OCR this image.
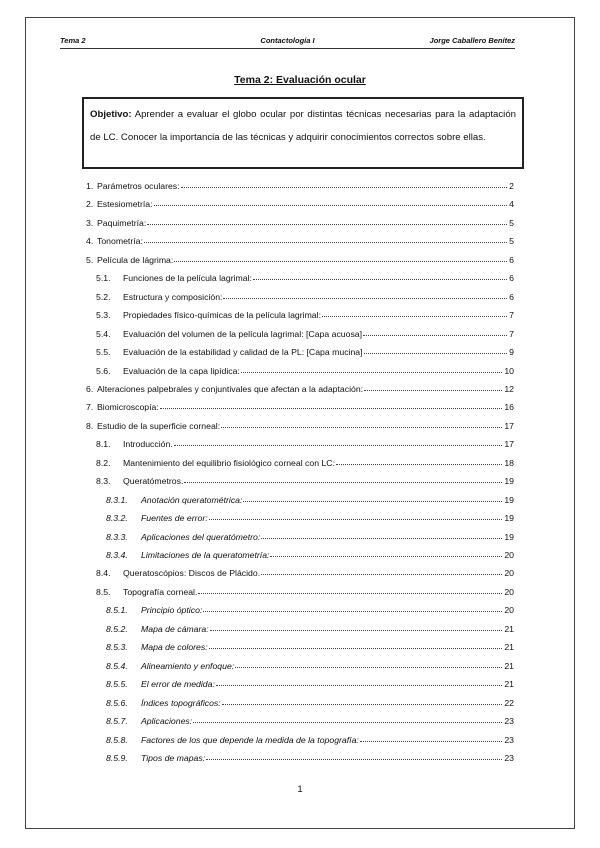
Tema 2	Contactología I	Jorge Caballero Benítez
Tema 2: Evaluación ocular
Objetivo: Aprender a evaluar el globo ocular por distintas técnicas necesarias para la adaptación de LC. Conocer la importancia de las técnicas y adquirir conocimientos correctos sobre ellas.
1. Parámetros oculares:	2
2. Estesiometría:	4
3. Paquimetría:	5
4. Tonometría:	5
5. Película de lágrima:	6
5.1.	Funciones de la película lagrimal:	6
5.2.	Estructura y composición:	6
5.3.	Propiedades físico-químicas de la película lagrimal:	7
5.4.	Evaluación del volumen de la película lagrimal: [Capa acuosa]	7
5.5.	Evaluación de la estabilidad y calidad de la PL: [Capa mucina]	9
5.6.	Evaluación de la capa lipídica:	10
6. Alteraciones palpebrales y conjuntivales que afectan a la adaptación:	12
7. Biomicroscopía:	16
8. Estudio de la superficie corneal:	17
8.1.	Introducción.	17
8.2.	Mantenimiento del equilibrio fisiológico corneal con LC:	18
8.3.	Queratómetros.	19
8.3.1.	Anotación queratométrica:	19
8.3.2.	Fuentes de error:	19
8.3.3.	Aplicaciones del queratómetro:	19
8.3.4.	Limitaciones de la queratometría:	20
8.4.	Queratoscópios: Discos de Plácido.	20
8.5.	Topografía corneal.	20
8.5.1.	Principio óptico:	20
8.5.2.	Mapa de cámara:	21
8.5.3.	Mapa de colores:	21
8.5.4.	Alineamiento y enfoque:	21
8.5.5.	El error de medida:	21
8.5.6.	Índices topográficos:	22
8.5.7.	Aplicaciones:	23
8.5.8.	Factores de los que depende la medida de la topografía:	23
8.5.9.	Tipos de mapas:	23
1
